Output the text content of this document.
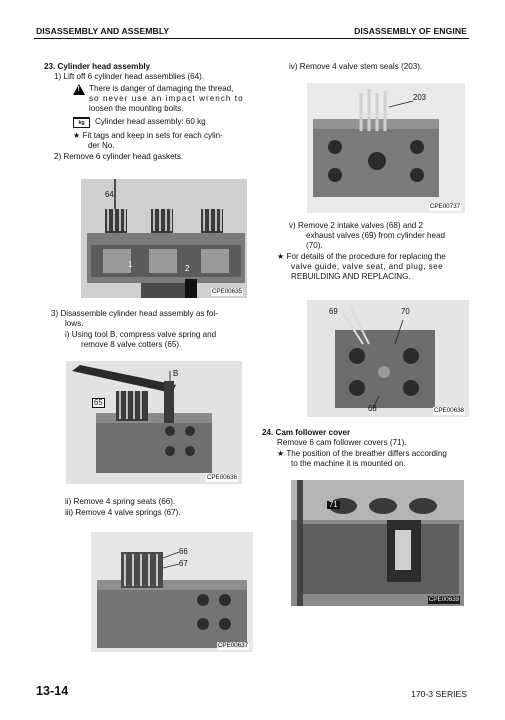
DISASSEMBLY AND ASSEMBLY	DISASSEMBLY OF ENGINE
23. Cylinder head assembly
1) Lift off 6 cylinder head assemblies (64).
!
There is danger of damaging the thread,
so never use an impact wrench to
loosen the mounting bolts.
kg	Cylinder head assembly: 60 kg
★ Fit tags and keep in sets for each cylin-
der No.
2) Remove 6 cylinder head gaskets.
64
1	2
CPE00635
3) Disassemble cylinder head assembly as fol-
lows.
i) Using tool B, compress valve spring and
remove 8 valve cotters (65).
B
65
CPE00636
ii) Remove 4 spring seats (66).
iii) Remove 4 valve springs (67).
66
67
CPE00637
iv) Remove 4 valve stem seals (203).
203
CPE00737
v) Remove 2 intake valves (68) and 2
exhaust valves (69) from cylinder head
(70).
★ For details of the procedure for replacing the
valve guide, valve seat, and plug, see
REBUILDING AND REPLACING.
69	70
68	CPE00638
24. Cam follower cover
Remove 6 cam follower covers (71).
★ The position of the breather differs according
to the machine it is mounted on.
71
CPE00639
13-14	170-3 SERIES
